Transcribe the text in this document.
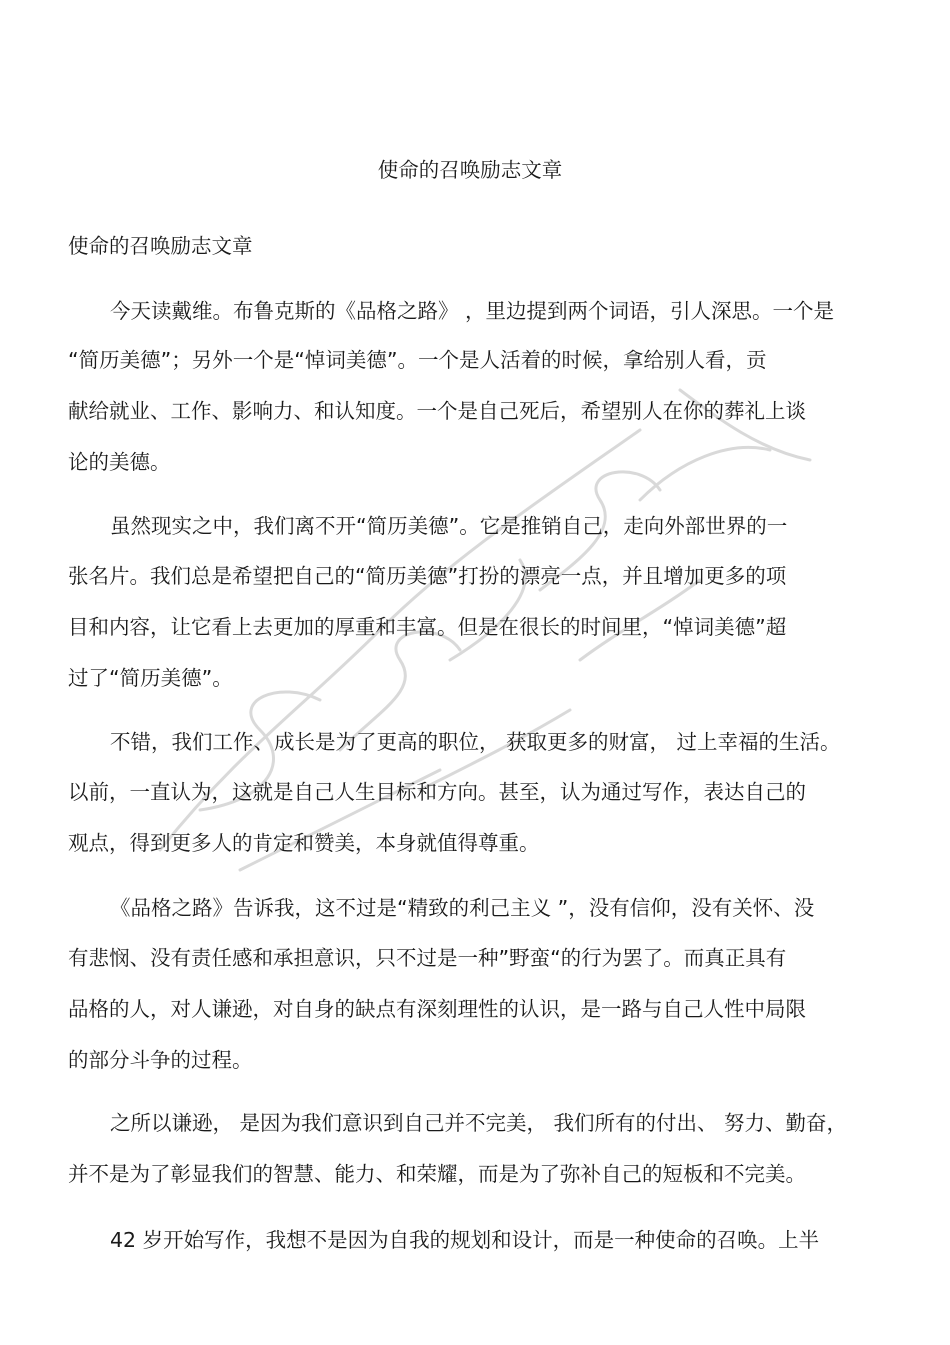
使命的召唤励志文章
使命的召唤励志文章
今天读戴维。布鲁克斯的《品格之路》 ，里边提到两个词语，引人深思。一个是
“简历美德”；另外一个是“悼词美德”。一个是人活着的时候，拿给别人看，贡
献给就业、工作、影响力、和认知度。一个是自己死后，希望别人在你的葬礼上谈
论的美德。
虽然现实之中，我们离不开“简历美德”。它是推销自己，走向外部世界的一
张名片。我们总是希望把自己的“简历美德”打扮的漂亮一点，并且增加更多的项
目和内容，让它看上去更加的厚重和丰富。但是在很长的时间里，“悼词美德”超
过了“简历美德”。
不错，我们工作、成长是为了更高的职位， 获取更多的财富， 过上幸福的生活。
以前，一直认为，这就是自己人生目标和方向。甚至，认为通过写作，表达自己的
观点，得到更多人的肯定和赞美，本身就值得尊重。
《品格之路》告诉我，这不过是“精致的利己主义 ”，没有信仰，没有关怀、没
有悲悯、没有责任感和承担意识，只不过是一种”野蛮“的行为罢了。而真正具有
品格的人，对人谦逊，对自身的缺点有深刻理性的认识，是一路与自己人性中局限
的部分斗争的过程。
之所以谦逊， 是因为我们意识到自己并不完美， 我们所有的付出、 努力、勤奋，
并不是为了彰显我们的智慧、能力、和荣耀，而是为了弥补自己的短板和不完美。
42 岁开始写作，我想不是因为自我的规划和设计，而是一种使命的召唤。上半
